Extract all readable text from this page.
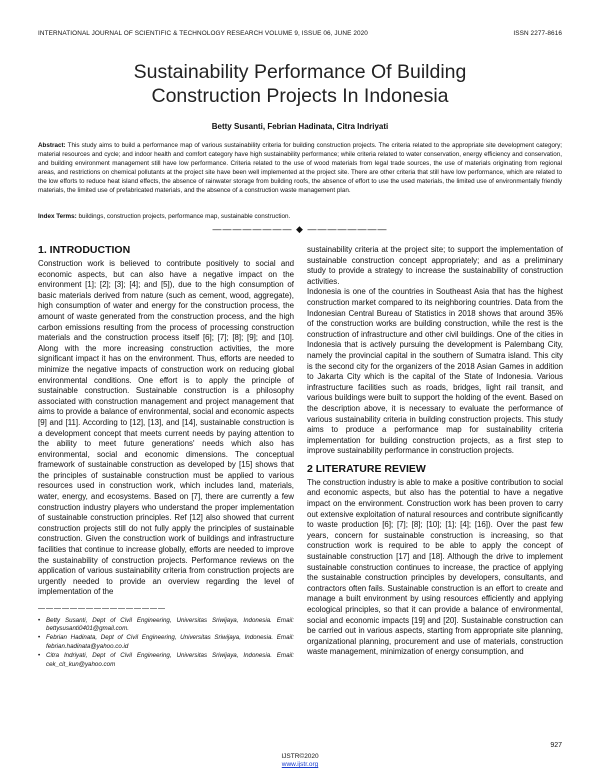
INTERNATIONAL JOURNAL OF SCIENTIFIC & TECHNOLOGY RESEARCH VOLUME 9, ISSUE 06, JUNE 2020	ISSN 2277-8616
Sustainability Performance Of Building
Construction Projects In Indonesia
Betty Susanti, Febrian Hadinata, Citra Indriyati
Abstract: This study aims to build a performance map of various sustainability criteria for building construction projects. The criteria related to the appropriate site development category; material resources and cycle; and indoor health and comfort category have high sustainability performance; while criteria related to water conservation, energy efficiency and conservation, and building environment management still have low performance. Criteria related to the use of wood materials from legal trade sources, the use of materials originating from regional areas, and restrictions on chemical pollutants at the project site have been well implemented at the project site. There are other criteria that still have low performance, which are related to the low efforts to reduce heat island effects, the absence of rainwater storage from building roofs, the absence of effort to use the used materials, the limited use of environmentally friendly materials, the limited use of prefabricated materials, and the absence of a construction waste management plan.
Index Terms: buildings, construction projects, performance map, sustainable construction.
———————— ◆ ————————
1. INTRODUCTION

Construction work is believed to contribute positively to social and economic aspects, but can also have a negative impact on the environment [1]; [2]; [3]; [4]; and [5]), due to the high consumption of basic materials derived from nature (such as cement, wood, aggregate), high consumption of water and energy for the construction process, the amount of waste generated from the construction process, and the high carbon emissions resulting from the process of processing construction materials and the construction process itself [6]; [7]; [8]; [9]; and [10]. Along with the more increasing construction activities, the more significant impact it has on the environment. Thus, efforts are needed to minimize the negative impacts of construction work on reducing global environmental conditions. One effort is to apply the principle of sustainable construction. Sustainable construction is a philosophy associated with construction management and project management that aims to provide a balance of environmental, social and economic aspects [9] and [11]. According to [12], [13], and [14], sustainable construction is a development concept that meets current needs by paying attention to the ability to meet future generations' needs which also has environmental, social and economic dimensions. The conceptual framework of sustainable construction as developed by [15] shows that the principles of sustainable construction must be applied to various resources used in construction work, which includes land, materials, water, energy, and ecosystems. Based on [7], there are currently a few construction industry players who understand the proper implementation of sustainable construction principles. Ref [12] also showed that current construction projects still do not fully apply the principles of sustainable construction. Given the construction work of buildings and infrastructure facilities that continue to increase globally, efforts are needed to improve the sustainability of construction projects. Performance reviews on the application of various sustainability criteria from construction projects are urgently needed to provide an overview regarding the level of implementation of the

————————————————
• Betty Susanti, Dept of Civil Engineering, Universitas Sriwijaya, Indonesia. Email: bettysusanti0401@gmail.com.
• Febrian Hadinata, Dept of Civil Engineering, Universitas Sriwijaya, Indonesia. Email: febrian.hadinata@yahoo.co.id
• Citra Indriyati, Dept of Civil Engineering, Universitas Sriwijaya, Indonesia. Email: cek_cit_kun@yahoo.com

sustainability criteria at the project site; to support the implementation of sustainable construction concept appropriately; and as a preliminary study to provide a strategy to increase the sustainability of construction activities.

Indonesia is one of the countries in Southeast Asia that has the highest construction market compared to its neighboring countries. Data from the Indonesian Central Bureau of Statistics in 2018 shows that around 35% of the construction works are building construction, while the rest is the construction of infrastructure and other civil buildings. One of the cities in Indonesia that is actively pursuing the development is Palembang City, namely the provincial capital in the southern of Sumatra island. This city is the second city for the organizers of the 2018 Asian Games in addition to Jakarta City which is the capital of the State of Indonesia. Various infrastructure facilities such as roads, bridges, light rail transit, and various buildings were built to support the holding of the event. Based on the description above, it is necessary to evaluate the performance of various sustainability criteria in building construction projects. This study aims to produce a performance map for sustainability criteria implementation for building construction projects, as a first step to improve sustainability performance in construction projects.

2 LITERATURE REVIEW

The construction industry is able to make a positive contribution to social and economic aspects, but also has the potential to have a negative impact on the environment. Construction work has been proven to carry out extensive exploitation of natural resources and contribute significantly to waste production [6]; [7]; [8]; [10]; [1]; [4]; [16]). Over the past few years, concern for sustainable construction is increasing, so that construction work is required to be able to apply the concept of sustainable construction [17] and [18]. Although the drive to implement sustainable construction continues to increase, the practice of applying the sustainable construction principles by developers, consultants, and contractors often fails. Sustainable construction is an effort to create and manage a built environment by using resources efficiently and applying ecological principles, so that it can provide a balance of environmental, social and economic impacts [19] and [20]. Sustainable construction can be carried out in various aspects, starting from appropriate site planning, organizational planning, procurement and use of materials, construction waste management, minimization of energy consumption, and

927
IJSTR©2020
www.ijstr.org
